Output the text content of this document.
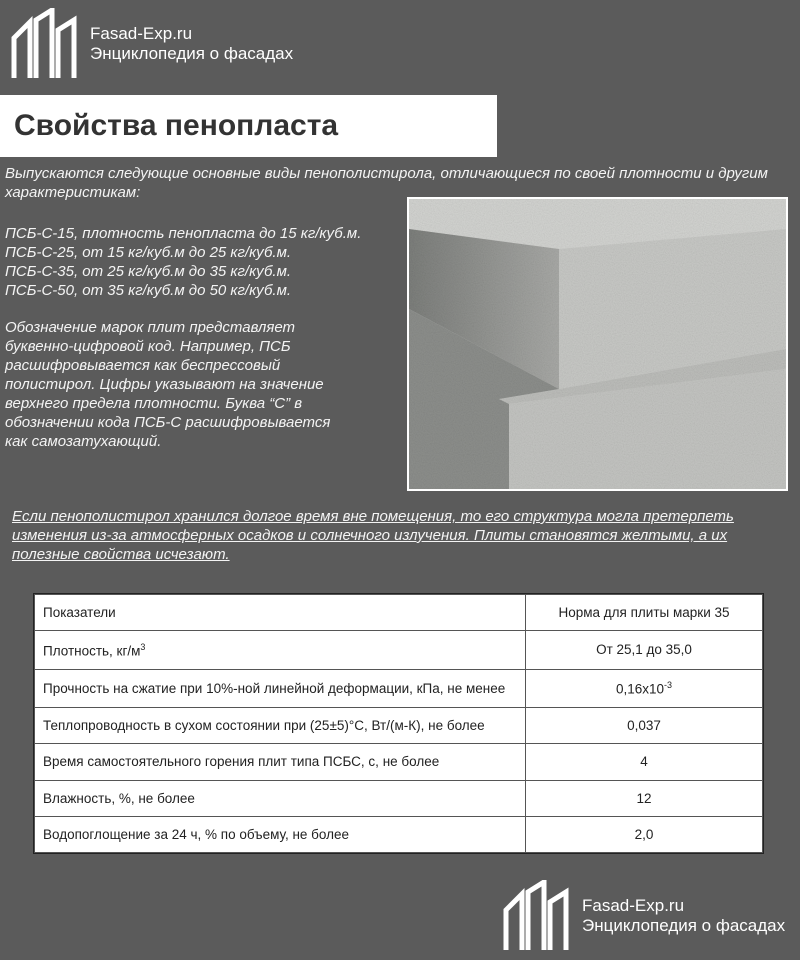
Fasad-Exp.ru
Энциклопедия о фасадах
Свойства пенопласта
Выпускаются следующие основные виды пенополистирола, отличающиеся по своей плотности и другим характеристикам:
ПСБ-С-15, плотность пенопласта до 15 кг/куб.м.
ПСБ-С-25, от 15 кг/куб.м до 25 кг/куб.м.
ПСБ-С-35, от 25 кг/куб.м до 35 кг/куб.м.
ПСБ-С-50, от 35 кг/куб.м до 50 кг/куб.м.
Обозначение марок плит представляет буквенно-цифровой код. Например, ПСБ расшифровывается как беспрессовый полистирол. Цифры указывают на значение верхнего предела плотности. Буква “С” в обозначении кода ПСБ-С расшифровывается как самозатухающий.
Если пенополистирол хранился долгое время вне помещения, то его структура могла претерпеть изменения из-за атмосферных осадков и солнечного излучения. Плиты становятся желтыми, а их полезные свойства исчезают.
Показатели	Норма для плиты марки 35
Плотность, $кг/м^3$	От 25,1 до 35,0
Прочность на сжатие при 10%-ной линейной деформации, кПа, не менее	$0,16x10^{-3}$
Теплопроводность в сухом состоянии при (25±5)°С, Вт/(м-К), не более	0,037
Время самостоятельного горения плит типа ПСБС, с, не более	4
Влажность, %, не более	12
Водопоглощение за 24 ч, % по объему, не более	2,0
Fasad-Exp.ru
Энциклопедия о фасадах
